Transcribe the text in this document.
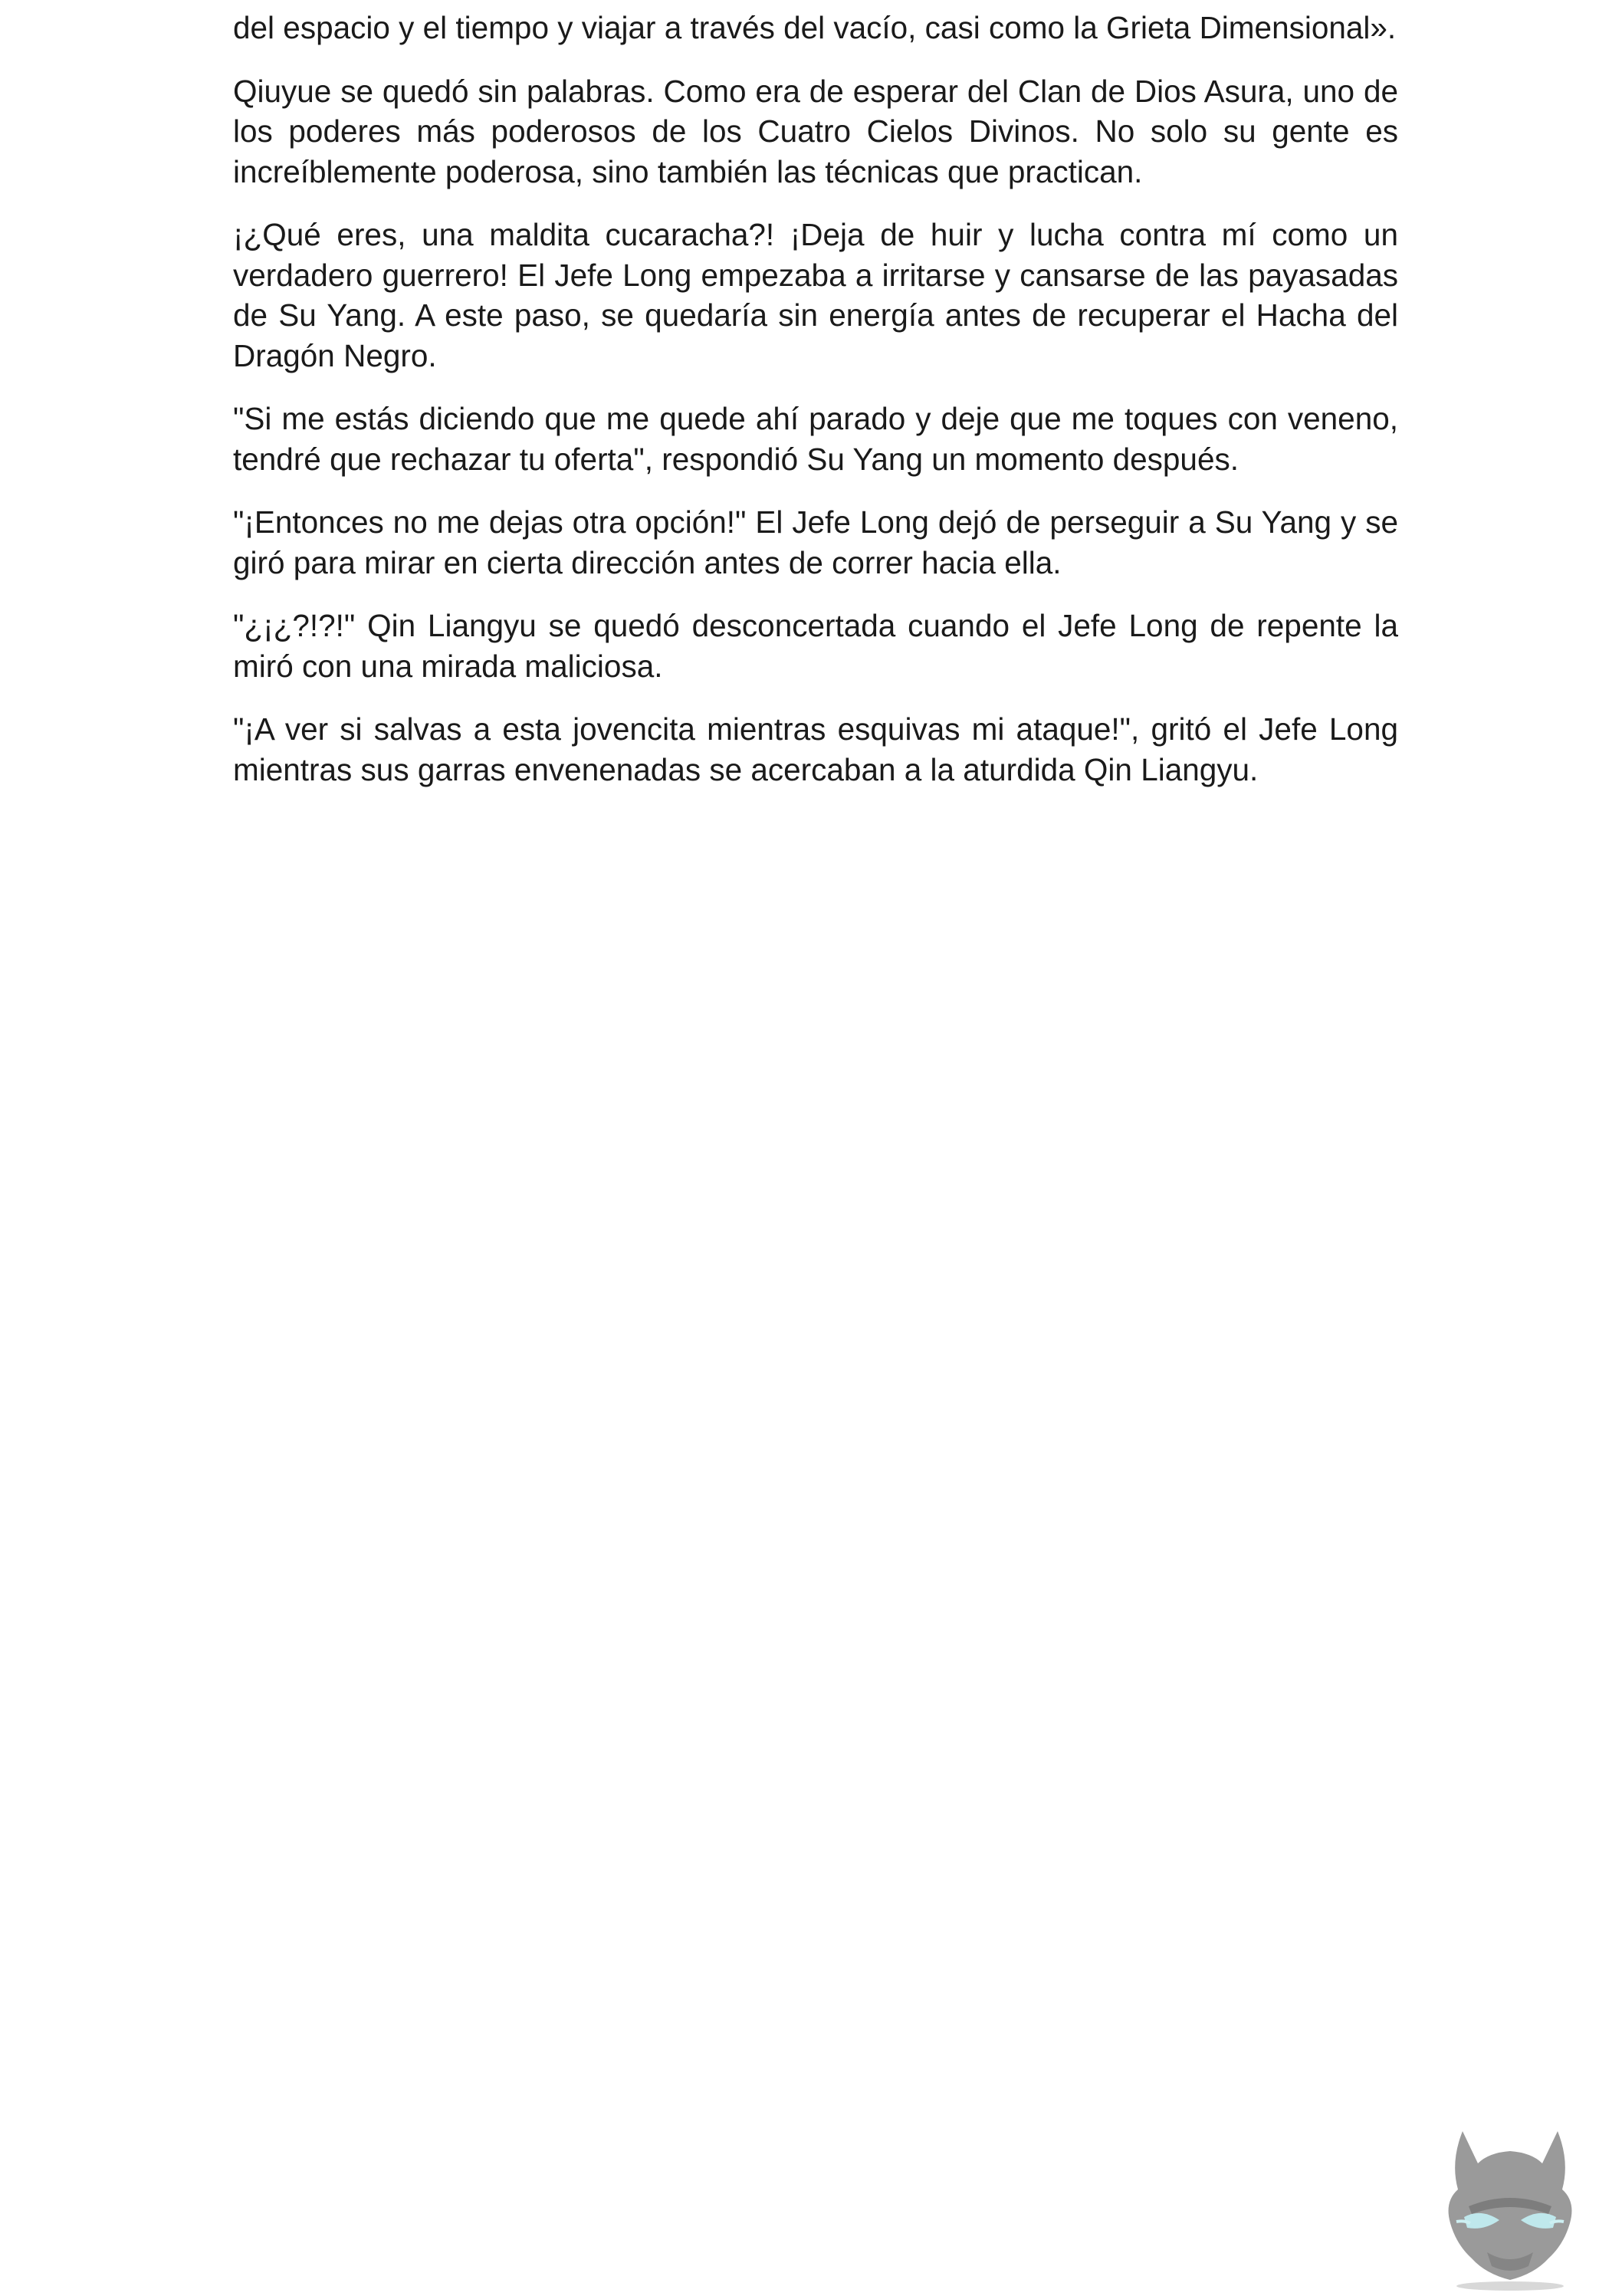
del espacio y el tiempo y viajar a través del vacío, casi como la Grieta Dimensional».

Qiuyue se quedó sin palabras. Como era de esperar del Clan de Dios Asura, uno de los poderes más poderosos de los Cuatro Cielos Divinos. No solo su gente es increíblemente poderosa, sino también las técnicas que practican.

¡¿Qué eres, una maldita cucaracha?! ¡Deja de huir y lucha contra mí como un verdadero guerrero! El Jefe Long empezaba a irritarse y cansarse de las payasadas de Su Yang. A este paso, se quedaría sin energía antes de recuperar el Hacha del Dragón Negro.

"Si me estás diciendo que me quede ahí parado y deje que me toques con veneno, tendré que rechazar tu oferta", respondió Su Yang un momento después.

"¡Entonces no me dejas otra opción!" El Jefe Long dejó de perseguir a Su Yang y se giró para mirar en cierta dirección antes de correr hacia ella.

"¿¡¿?!?!" Qin Liangyu se quedó desconcertada cuando el Jefe Long de repente la miró con una mirada maliciosa.

"¡A ver si salvas a esta jovencita mientras esquivas mi ataque!", gritó el Jefe Long mientras sus garras envenenadas se acercaban a la aturdida Qin Liangyu.
